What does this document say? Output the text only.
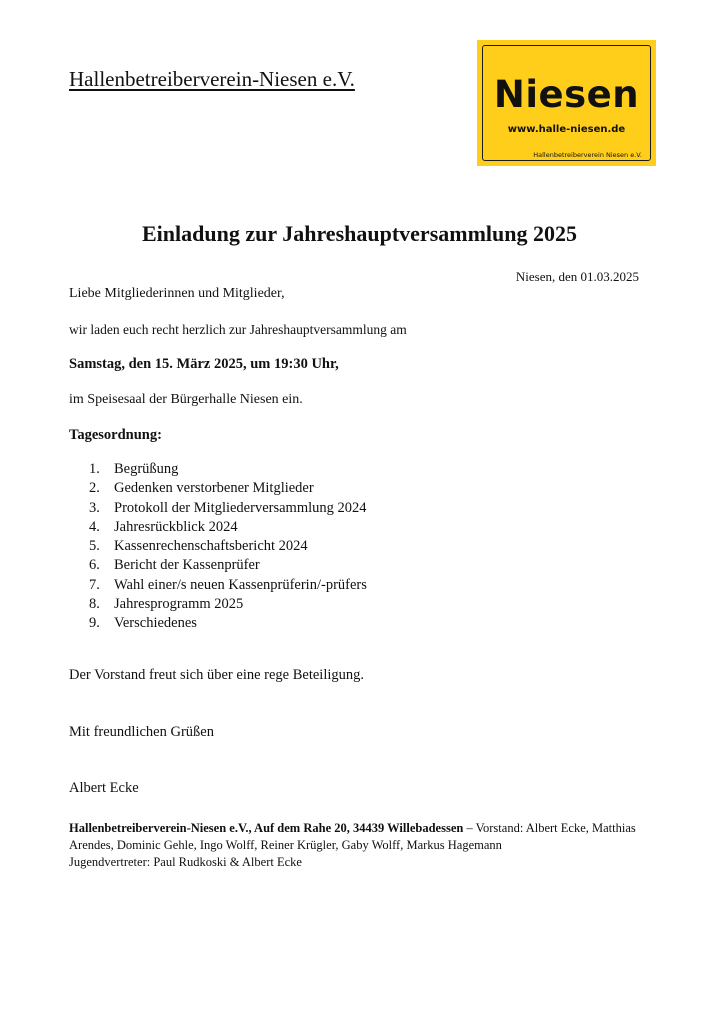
Hallenbetreiberverein-Niesen e.V.	Niesen
www.halle-niesen.de
Hallenbetreiberverein Niesen e.V.
Einladung zur Jahreshauptversammlung 2025
Niesen, den 01.03.2025
Liebe Mitgliederinnen und Mitglieder,
wir laden euch recht herzlich zur Jahreshauptversammlung am
Samstag, den 15. März 2025, um 19:30 Uhr,
im Speisesaal der Bürgerhalle Niesen ein.
Tagesordnung:
1. Begrüßung
2. Gedenken verstorbener Mitglieder
3. Protokoll der Mitgliederversammlung 2024
4. Jahresrückblick 2024
5. Kassenrechenschaftsbericht 2024
6. Bericht der Kassenprüfer
7. Wahl einer/s neuen Kassenprüferin/-prüfers
8. Jahresprogramm 2025
9. Verschiedenes
Der Vorstand freut sich über eine rege Beteiligung.
Mit freundlichen Grüßen
Albert Ecke
Hallenbetreiberverein-Niesen e.V., Auf dem Rahe 20, 34439 Willebadessen – Vorstand: Albert Ecke, Matthias Arendes, Dominic Gehle, Ingo Wolff, Reiner Krügler, Gaby Wolff, Markus Hagemann
Jugendvertreter: Paul Rudkoski & Albert Ecke
